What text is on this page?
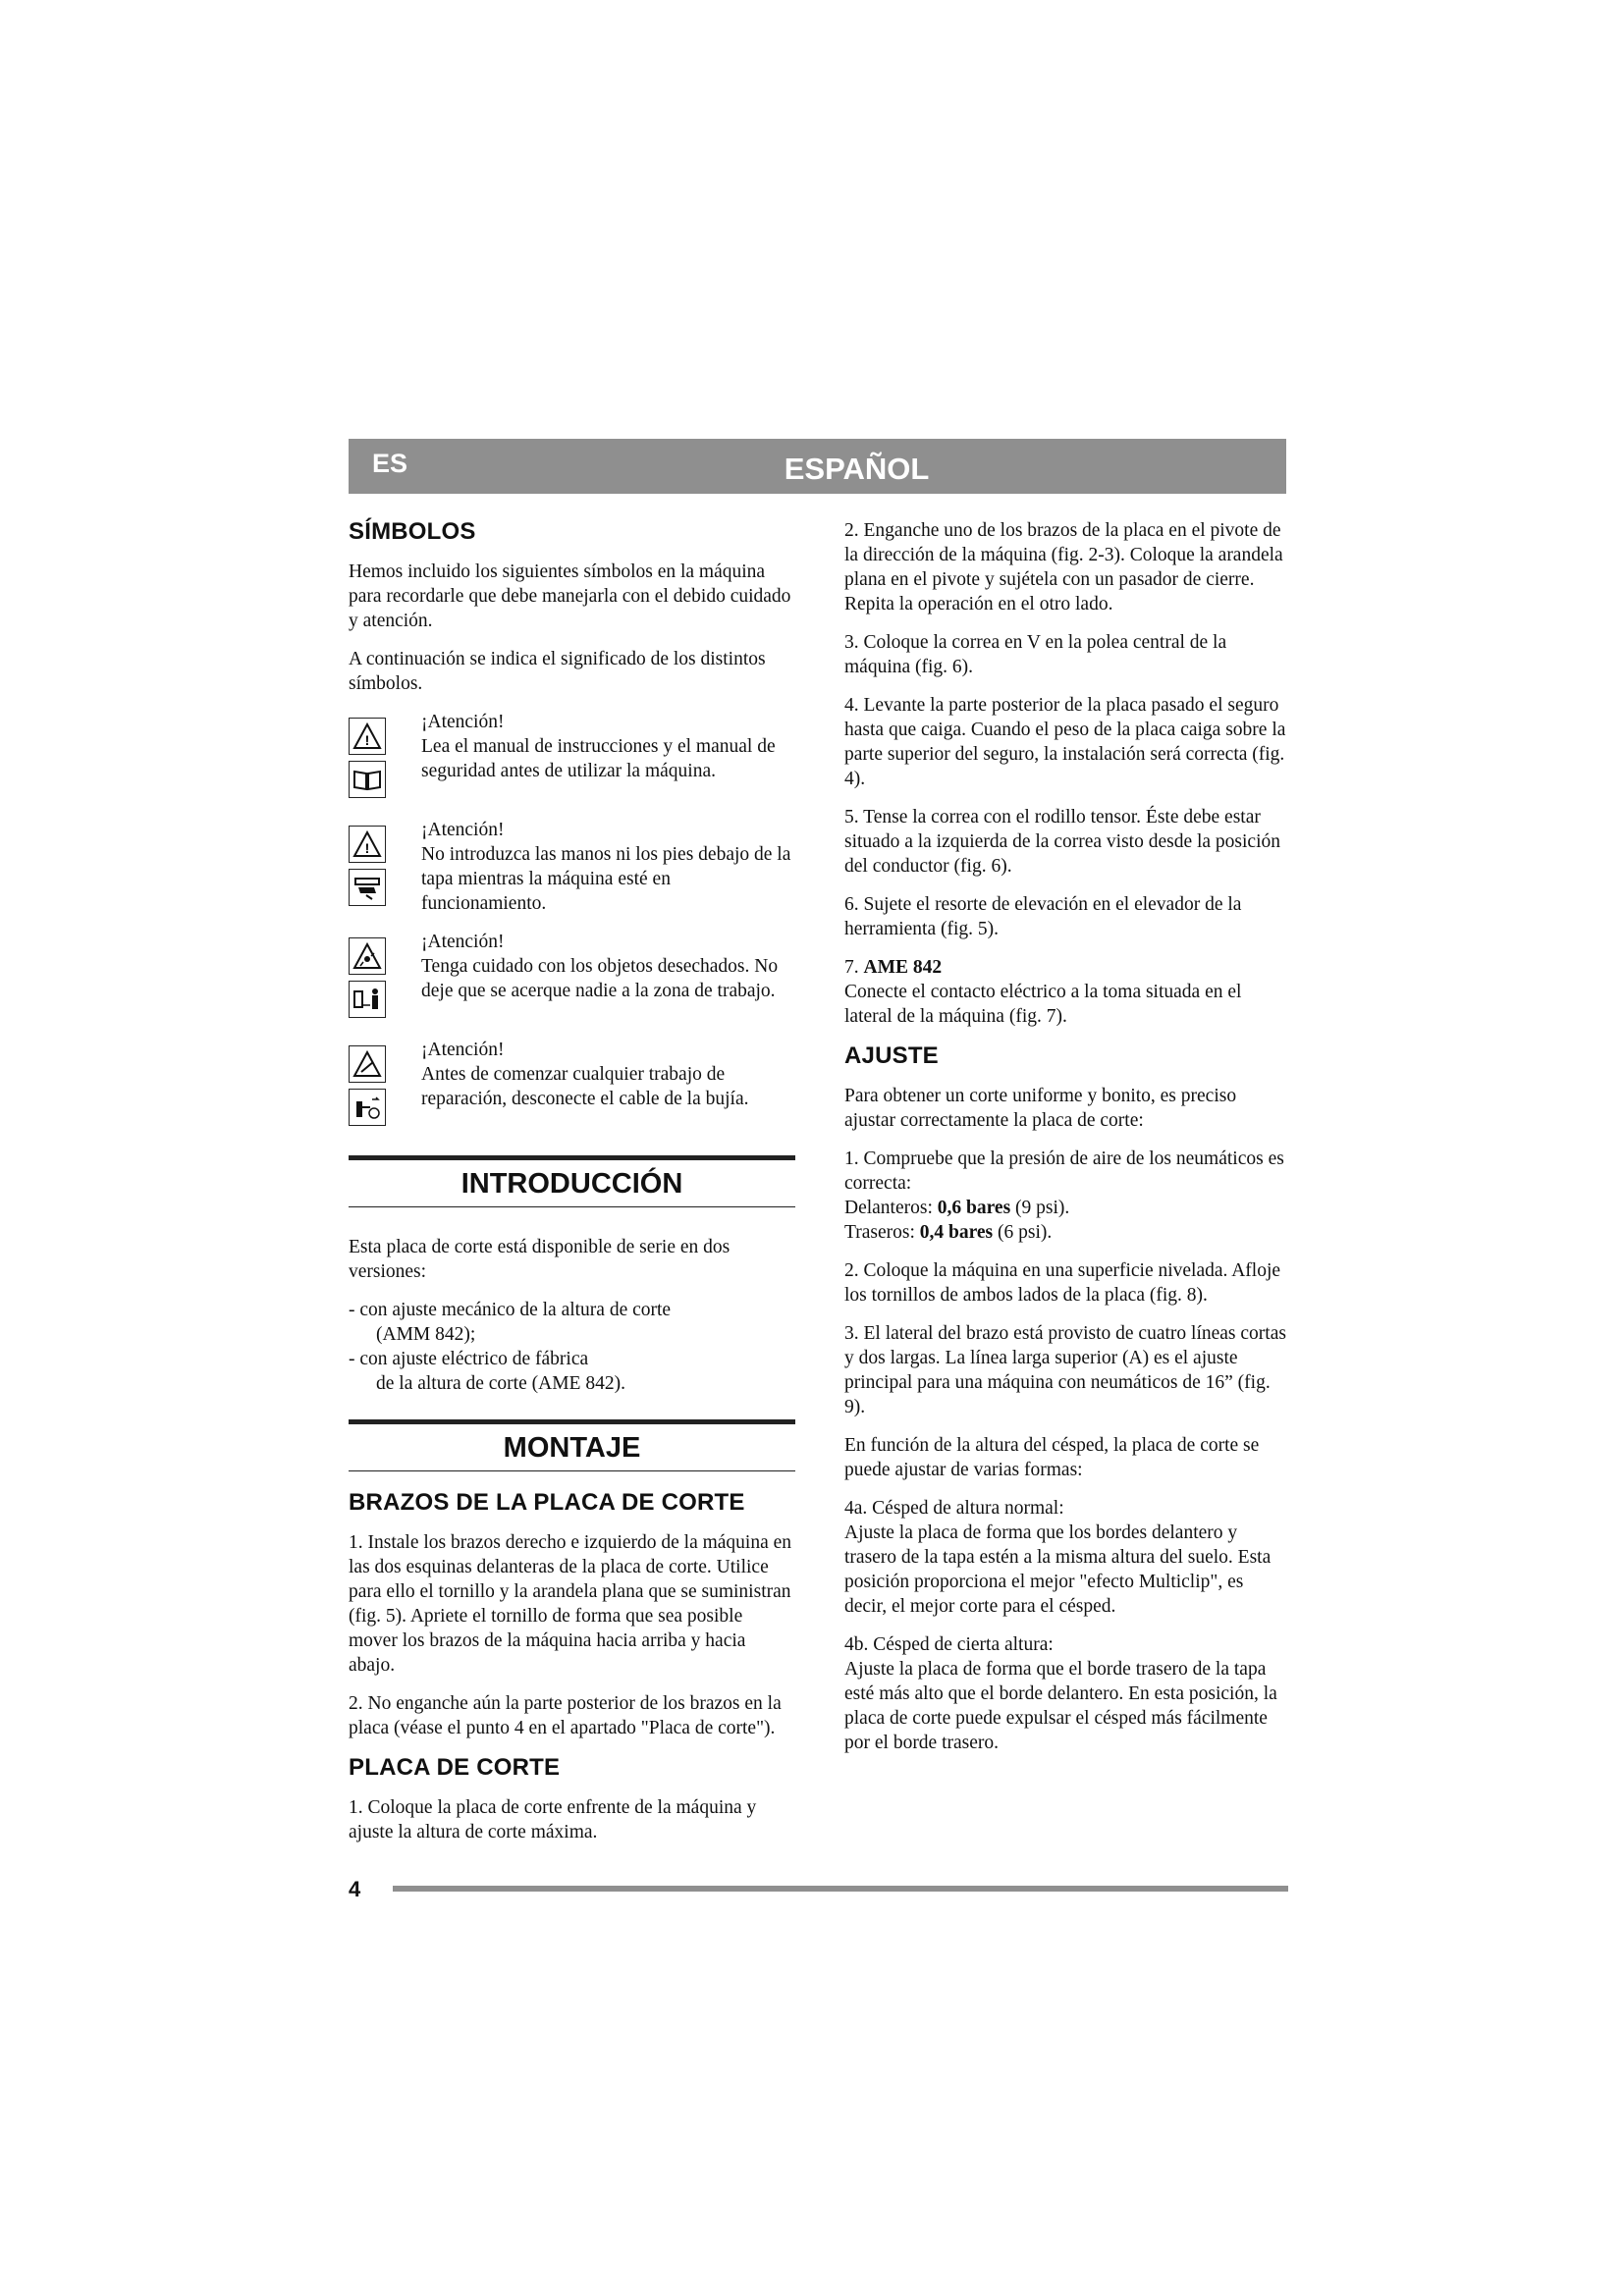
ES	ESPAÑOL
SÍMBOLOS

Hemos incluido los siguientes símbolos en la máquina para recordarle que debe manejarla con el debido cuidado y atención.

A continuación se indica el significado de los distintos símbolos.

!

¡Atención!

Lea el manual de instrucciones y el manual de seguridad antes de utilizar la máquina.

!

¡Atención!

No introduzca las manos ni los pies debajo de la tapa mientras la máquina esté en funcionamiento.

¡Atención!

Tenga cuidado con los objetos desechados. No deje que se acerque nadie a la zona de trabajo.

¡Atención!

Antes de comenzar cualquier trabajo de reparación, desconecte el cable de la bujía.

INTRODUCCIÓN

Esta placa de corte está disponible de serie en dos versiones:

- con ajuste mecánico de la altura de corte

(AMM 842);

- con ajuste eléctrico de fábrica

de la altura de corte (AME 842).

MONTAJE
BRAZOS DE LA PLACA DE CORTE

1. Instale los brazos derecho e izquierdo de la máquina en las dos esquinas delanteras de la placa de corte. Utilice para ello el tornillo y la arandela plana que se suministran (fig. 5). Apriete el tornillo de forma que sea posible mover los brazos de la máquina hacia arriba y hacia abajo.

2. No enganche aún la parte posterior de los brazos en la placa (véase el punto 4 en el apartado "Placa de corte").

PLACA DE CORTE

1. Coloque la placa de corte enfrente de la máquina y ajuste la altura de corte máxima.

2. Enganche uno de los brazos de la placa en el pivote de la dirección de la máquina (fig. 2-3). Coloque la arandela plana en el pivote y sujétela con un pasador de cierre. Repita la operación en el otro lado.

3. Coloque la correa en V en la polea central de la máquina (fig. 6).

4. Levante la parte posterior de la placa pasado el seguro hasta que caiga. Cuando el peso de la placa caiga sobre la parte superior del seguro, la instalación será correcta (fig. 4).

5. Tense la correa con el rodillo tensor. Éste debe estar situado a la izquierda de la correa visto desde la posición del conductor (fig. 6).

6. Sujete el resorte de elevación en el elevador de la herramienta (fig. 5).

7. AME 842

Conecte el contacto eléctrico a la toma situada en el lateral de la máquina (fig. 7).

AJUSTE

Para obtener un corte uniforme y bonito, es preciso ajustar correctamente la placa de corte:

1. Compruebe que la presión de aire de los neumáticos es correcta:

Delanteros: 0,6 bares (9 psi).

Traseros: 0,4 bares (6 psi).

2. Coloque la máquina en una superficie nivelada. Afloje los tornillos de ambos lados de la placa (fig. 8).

3. El lateral del brazo está provisto de cuatro líneas cortas y dos largas. La línea larga superior (A) es el ajuste principal para una máquina con neumáticos de 16” (fig. 9).

En función de la altura del césped, la placa de corte se puede ajustar de varias formas:

4a. Césped de altura normal:

Ajuste la placa de forma que los bordes delantero y trasero de la tapa estén a la misma altura del suelo. Esta posición proporciona el mejor "efecto Multiclip", es decir, el mejor corte para el césped.

4b. Césped de cierta altura:

Ajuste la placa de forma que el borde trasero de la tapa esté más alto que el borde delantero. En esta posición, la placa de corte puede expulsar el césped más fácilmente por el borde trasero.

4
